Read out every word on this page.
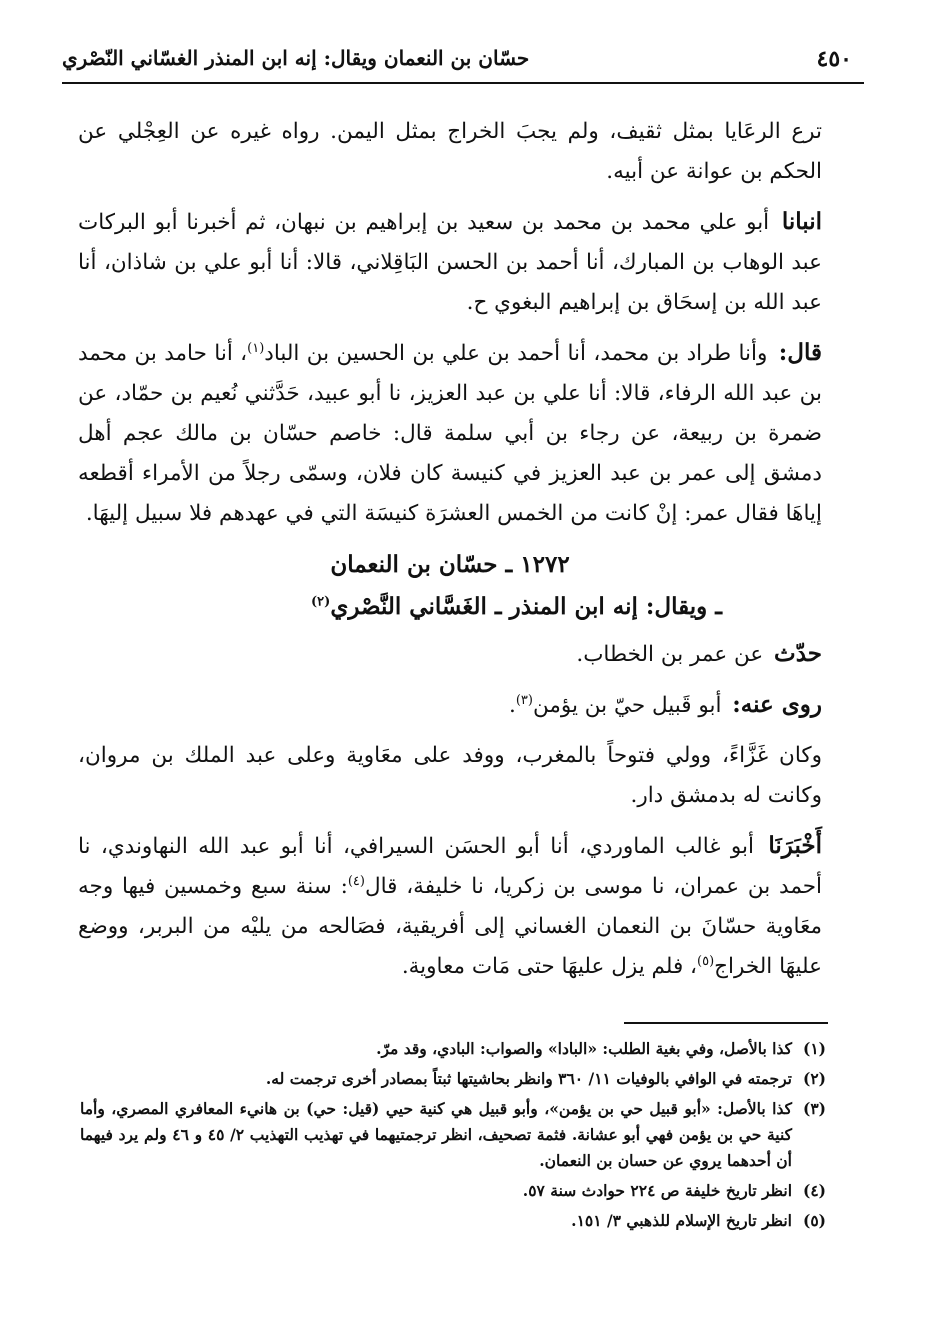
٤٥٠
حسّان بن النعمان ويقال: إنه ابن المنذر الغسّاني النّصْري

ترع الرعَايا بمثل ثقيف، ولم يجبَ الخراج بمثل اليمن. رواه غيره عن العِجْلي عن الحكم بن عوانة عن أبيه.

انبانا أبو علي محمد بن محمد بن سعيد بن إبراهيم بن نبهان، ثم أخبرنا أبو البركات عبد الوهاب بن المبارك، أنا أحمد بن الحسن البَاقِلاني، قالا: أنا أبو علي بن شاذان، أنا عبد الله بن إسحَاق بن إبراهيم البغوي ح.

قال: وأنا طراد بن محمد، أنا أحمد بن علي بن الحسين بن الباد$^{(١)}$، أنا حامد بن محمد بن عبد الله الرفاء، قالا: أنا علي بن عبد العزيز، نا أبو عبيد، حَدَّثني نُعيم بن حمّاد، عن ضمرة بن ربيعة، عن رجاء بن أبي سلمة قال: خاصم حسّان بن مالك عجم أهل دمشق إلى عمر بن عبد العزيز في كنيسة كان فلان، وسمّى رجلاً من الأمراء أقطعه إياهَا فقال عمر: إنْ كانت من الخمس العشرَة كنيسَة التي في عهدهم فلا سبيل إليهَا.

١٢٧٢ ـ حسّان بن النعمان
ـ ويقال: إنه ابن المنذر ـ الغَسَّاني النَّصْري$^{(٢)}$

حدّث عن عمر بن الخطاب.

روى عنه: أبو قَبيل حيّ بن يؤمن$^{(٣)}$.

وكان غَزَّاءً، وولي فتوحاً بالمغرب، ووفد على معَاوية وعلى عبد الملك بن مروان، وكانت له بدمشق دار.

أَخْبَرَنَا أبو غالب الماوردي، أنا أبو الحسَن السيرافي، أنا أبو عبد الله النهاوندي، نا أحمد بن عمران، نا موسى بن زكريا، نا خليفة، قال$^{(٤)}$: سنة سبع وخمسين فيها وجه معَاوية حسّانَ بن النعمان الغساني إلى أفريقية، فصَالحه من يليْه من البربر، ووضع عليهَا الخراج$^{(٥)}$، فلم يزل عليهَا حتى مَات معاوية.

(١)
كذا بالأصل، وفي بغية الطلب: «البادا» والصواب: البادي، وقد مرّ.
(٢)
ترجمته في الوافي بالوفيات ١١/ ٣٦٠ وانظر بحاشيتها ثبتاً بمصادر أخرى ترجمت له.
(٣)
كذا بالأصل: «أبو قبيل حي بن يؤمن»، وأبو قبيل هي كنية حيي (قيل: حي) بن هانيء المعافري المصري، وأما كنية حي بن يؤمن فهي أبو عشانة. فثمة تصحيف، انظر ترجمتيهما في تهذيب التهذيب ٢/ ٤٥ و ٤٦ ولم يرد فيهما أن أحدهما يروي عن حسان بن النعمان.
(٤)
انظر تاريخ خليفة ص ٢٢٤ حوادث سنة ٥٧.
(٥)
انظر تاريخ الإسلام للذهبي ٣/ ١٥١.
